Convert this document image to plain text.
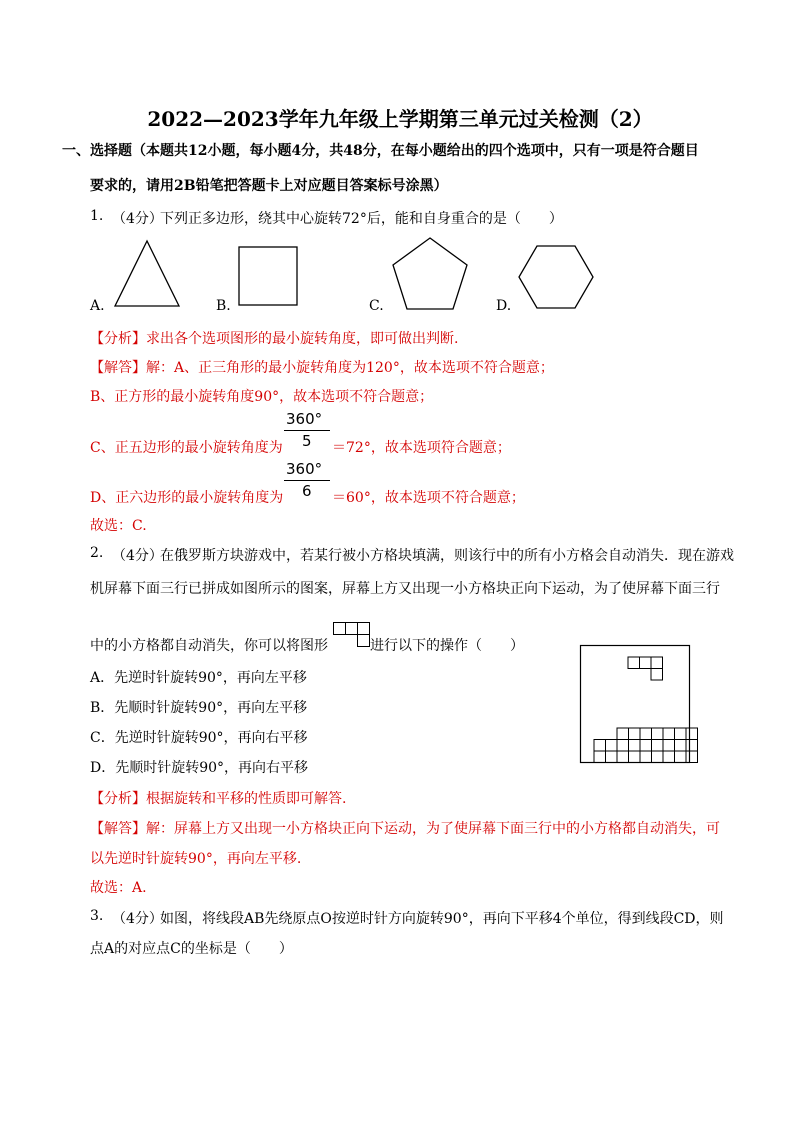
2022—2023学年九年级上学期第三单元过关检测（2）
一、选择题（本题共12小题，每小题4分，共48分，在每小题给出的四个选项中，只有一项是符合题目
要求的，请用2B铅笔把答题卡上对应题目答案标号涂黑）
1. （4分）
下列正多边形，绕其中心旋转72°后，能和自身重合的是（　　）
A.	B.	C.	D.
【分析】求出各个选项图形的最小旋转角度，即可做出判断.
【解答】解：A、正三角形的最小旋转角度为120°，故本选项不符合题意；
B、正方形的最小旋转角度90°，故本选项不符合题意；
C、正五边形的最小旋转角度为
360°
5 ＝72°，故本选项符合题意；
D、正六边形的最小旋转角度为
360°
6 ＝60°，故本选项不符合题意；
故选：C.
2. （4分）
在俄罗斯方块游戏中，若某行被小方格块填满，则该行中的所有小方格会自动消失．现在游戏
机屏幕下面三行已拼成如图所示的图案，屏幕上方又出现一小方格块正向下运动，为了使屏幕下面三行
中的小方格都自动消失，你可以将图形	进行以下的操作（　　）
A．先逆时针旋转90°，再向左平移
B．先顺时针旋转90°，再向左平移
C．先逆时针旋转90°，再向右平移
D．先顺时针旋转90°，再向右平移
【分析】根据旋转和平移的性质即可解答.
【解答】解：屏幕上方又出现一小方格块正向下运动，为了使屏幕下面三行中的小方格都自动消失，可
以先逆时针旋转90°，再向左平移.
故选：A.
3. （4分）
如图，将线段AB先绕原点O按逆时针方向旋转90°，再向下平移4个单位，得到线段CD，则
点A的对应点C的坐标是（　　）
